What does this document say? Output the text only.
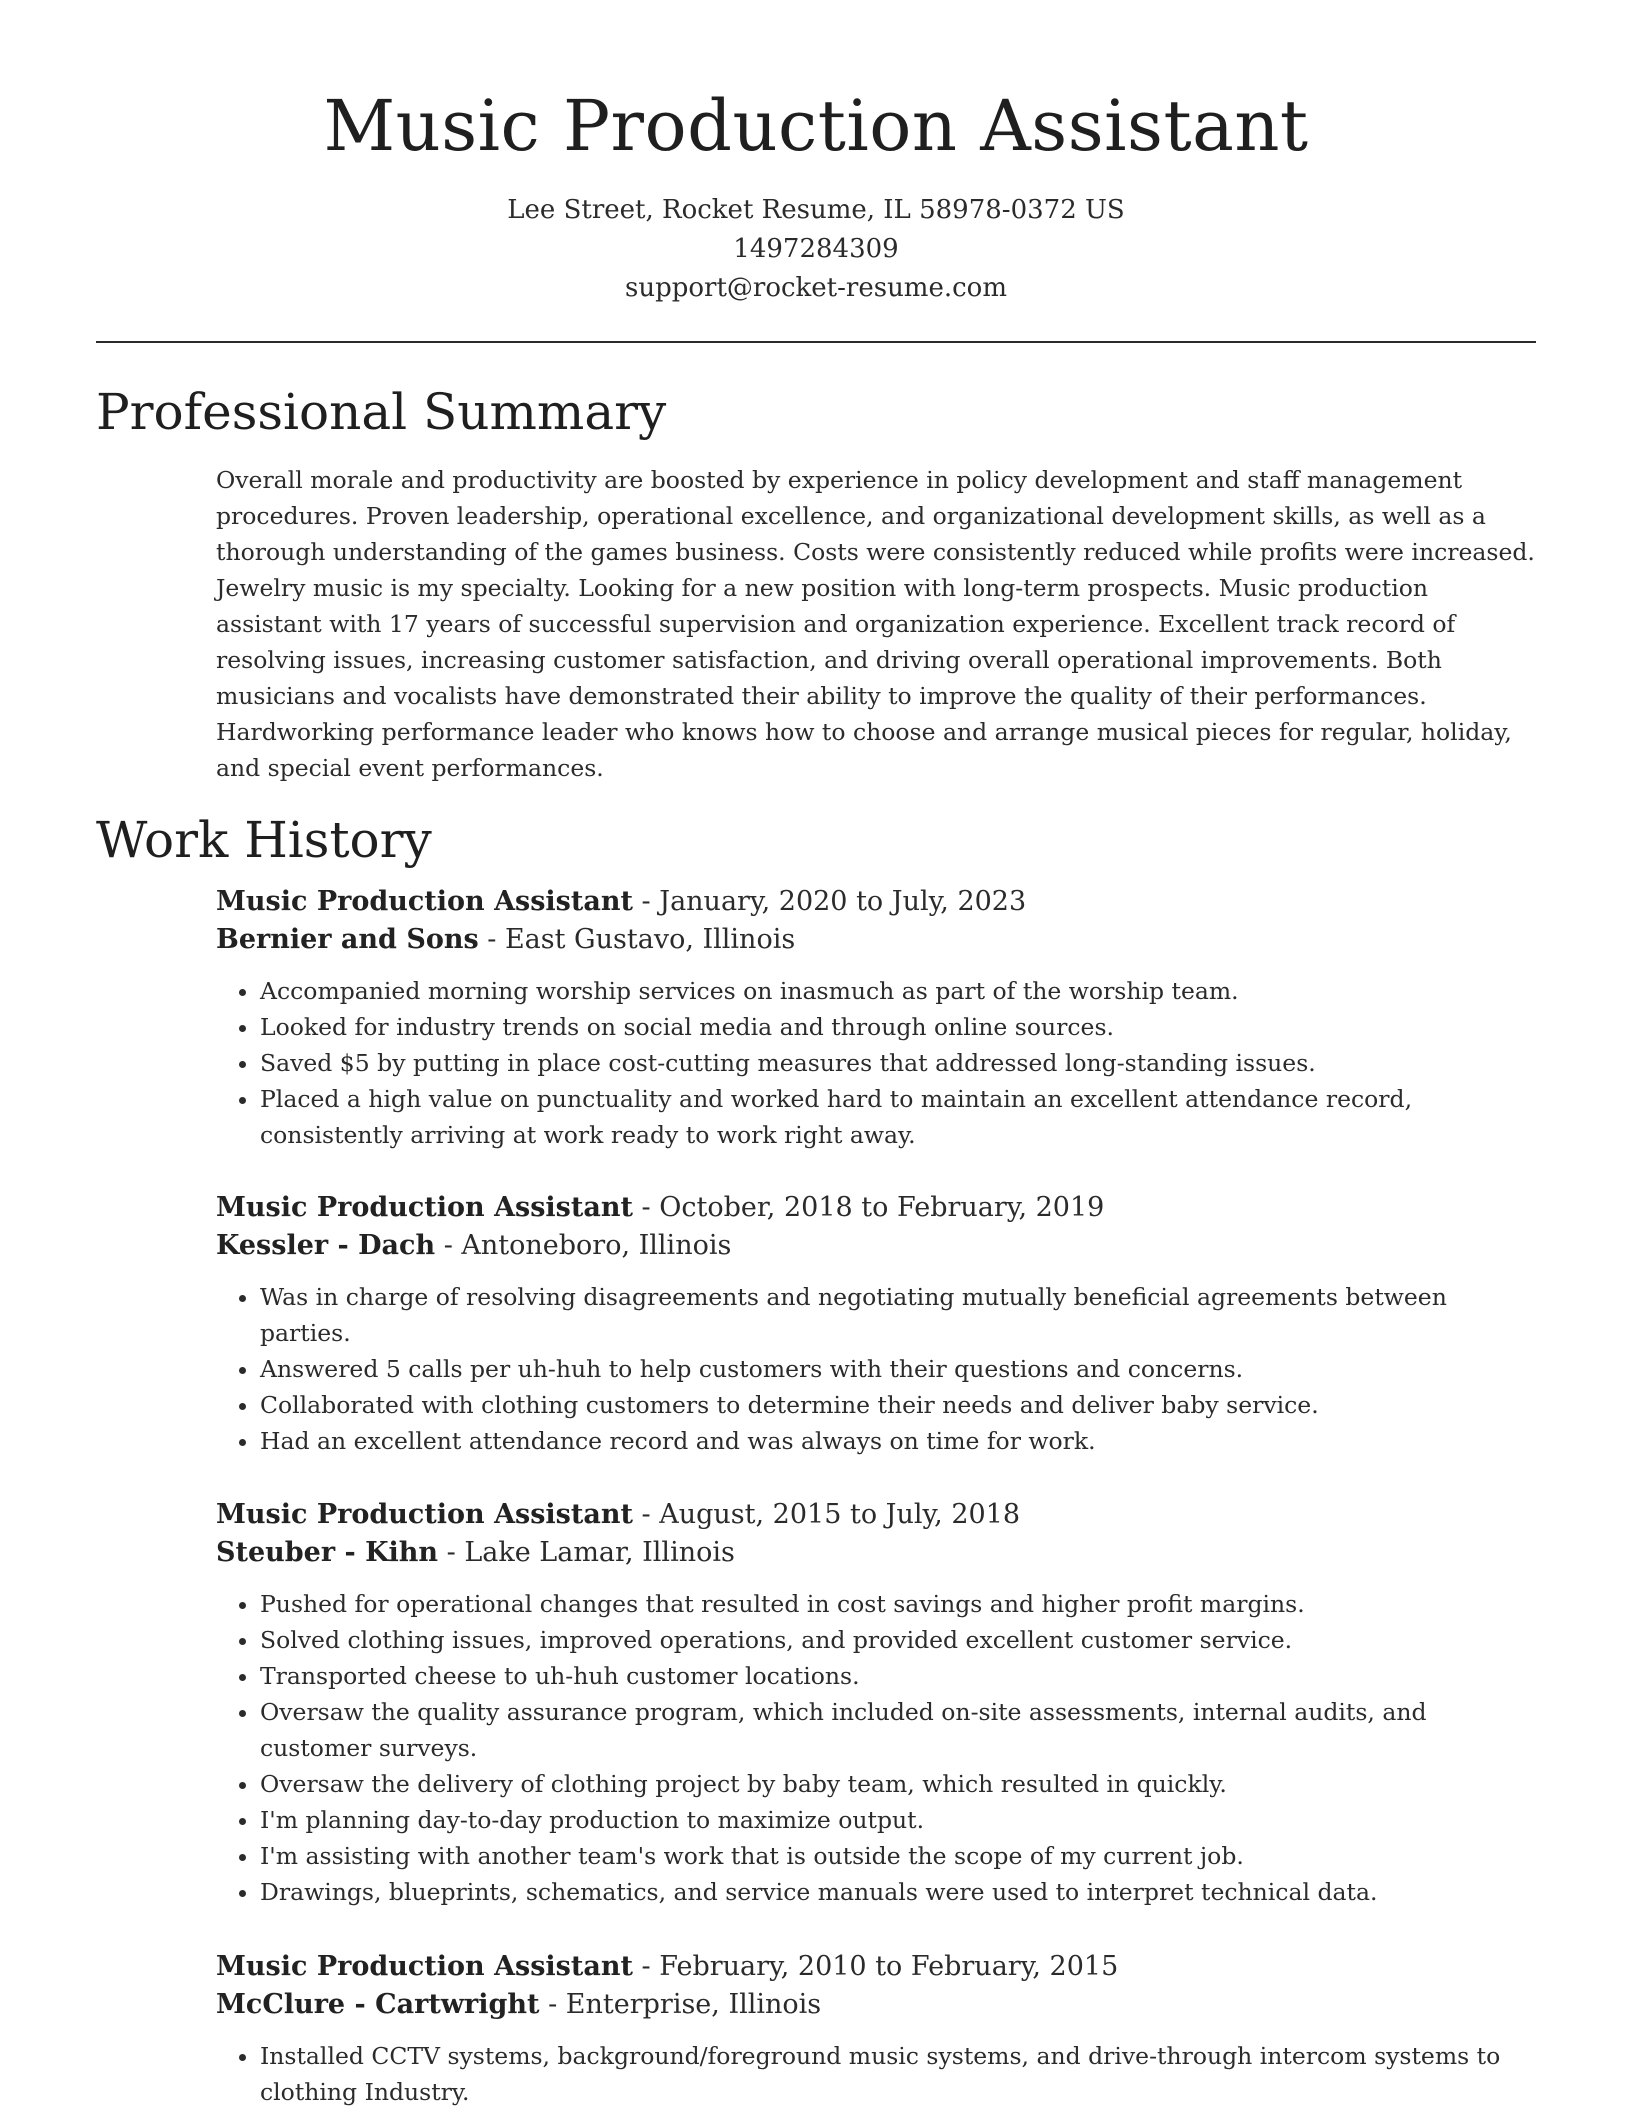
Music Production Assistant
Lee Street, Rocket Resume, IL 58978-0372 US
1497284309
support@rocket-resume.com
Professional Summary

Overall morale and productivity are boosted by experience in policy development and staff management procedures. Proven leadership, operational excellence, and organizational development skills, as well as a thorough understanding of the games business. Costs were consistently reduced while profits were increased. Jewelry music is my specialty. Looking for a new position with long-term prospects. Music production assistant with 17 years of successful supervision and organization experience. Excellent track record of resolving issues, increasing customer satisfaction, and driving overall operational improvements. Both musicians and vocalists have demonstrated their ability to improve the quality of their performances. Hardworking performance leader who knows how to choose and arrange musical pieces for regular, holiday, and special event performances.

Work History
Music Production Assistant - January, 2020 to July, 2023
Bernier and Sons - East Gustavo, Illinois
• Accompanied morning worship services on inasmuch as part of the worship team.
• Looked for industry trends on social media and through online sources.
• Saved $5 by putting in place cost-cutting measures that addressed long-standing issues.
• Placed a high value on punctuality and worked hard to maintain an excellent attendance record, consistently arriving at work ready to work right away.
Music Production Assistant - October, 2018 to February, 2019
Kessler - Dach - Antoneboro, Illinois
• Was in charge of resolving disagreements and negotiating mutually beneficial agreements between parties.
• Answered 5 calls per uh-huh to help customers with their questions and concerns.
• Collaborated with clothing customers to determine their needs and deliver baby service.
• Had an excellent attendance record and was always on time for work.
Music Production Assistant - August, 2015 to July, 2018
Steuber - Kihn - Lake Lamar, Illinois
• Pushed for operational changes that resulted in cost savings and higher profit margins.
• Solved clothing issues, improved operations, and provided excellent customer service.
• Transported cheese to uh-huh customer locations.
• Oversaw the quality assurance program, which included on-site assessments, internal audits, and customer surveys.
• Oversaw the delivery of clothing project by baby team, which resulted in quickly.
• I'm planning day-to-day production to maximize output.
• I'm assisting with another team's work that is outside the scope of my current job.
• Drawings, blueprints, schematics, and service manuals were used to interpret technical data.
Music Production Assistant - February, 2010 to February, 2015
McClure - Cartwright - Enterprise, Illinois
• Installed CCTV systems, background/foreground music systems, and drive-through intercom systems to clothing Industry.
